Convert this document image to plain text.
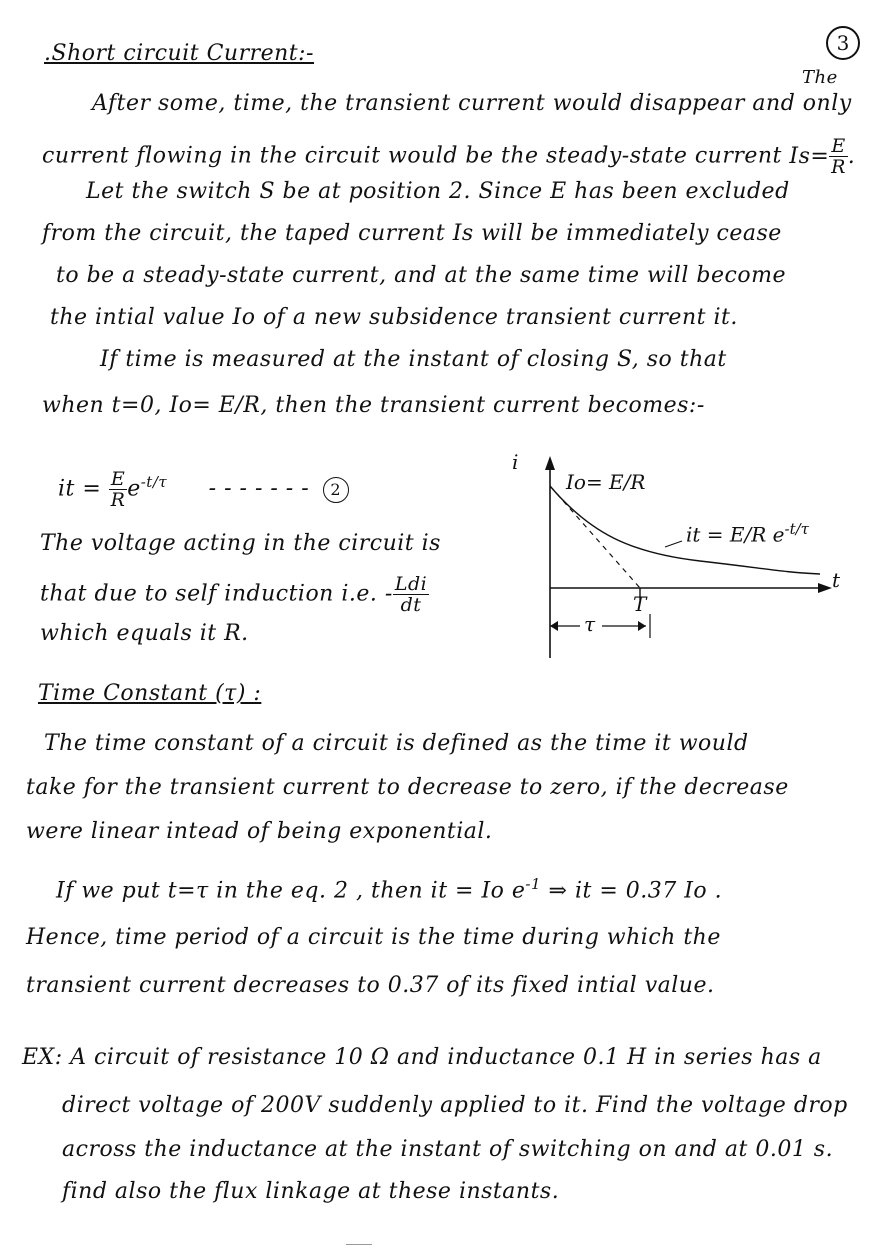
3
The
.Short circuit Current:-
After some, time, the transient current would disappear and only
current flowing in the circuit would be the steady-state current $Is= \frac{E}{R}$ .
Let the switch S be at position 2. Since E has been excluded
from the circuit, the taped current Is will be immediately cease
to be a steady-state current, and at the same time will become
the intial value Io of a new subsidence transient current it.
If time is measured at the instant of closing S, so that
when t=0, Io= E/R, then the transient current becomes:-
it = $\frac{E}{R} e^{-t/\tau}$ - - - - - - - 2
The voltage acting in the circuit is
that due to self induction i.e. - $\frac{\text{Ldi}}{dt}$
which equals it R.
i
t
Io= E/R
it = E/R $e^{-t/\tau}$
T
τ
Time Constant (τ) :
The time constant of a circuit is defined as the time it would
take for the transient current to decrease to zero, if the decrease
were linear intead of being exponential.
If we put t=τ in the eq. 2 , then it = Io $e^{-1}$ ⇒ it = 0.37 Io .
Hence, time period of a circuit is the time during which the
transient current decreases to 0.37 of its fixed intial value.
EX: A circuit of resistance 10 Ω and inductance 0.1 H in series has a
direct voltage of 200V suddenly applied to it. Find the voltage drop
across the inductance at the instant of switching on and at 0.01 s.
find also the flux linkage at these instants.
